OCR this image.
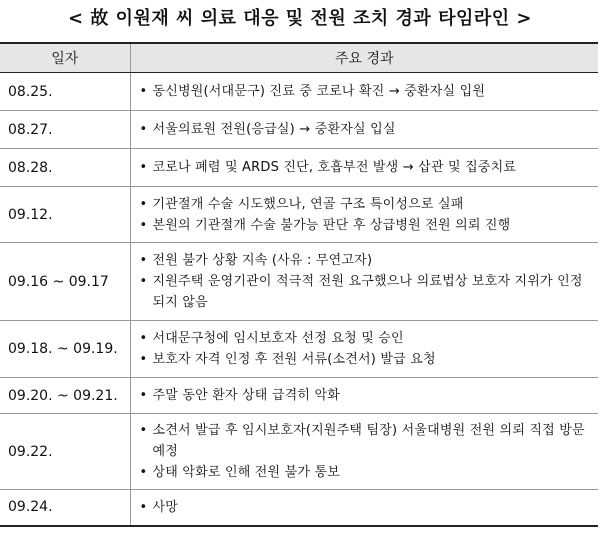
< 故 이원재 씨 의료 대응 및 전원 조치 경과 타임라인 >
일자	주요 경과
08.25.	• 동신병원(서대문구) 진료 중 코로나 확진 → 중환자실 입원

08.27.	• 서울의료원 전원(응급실) → 중환자실 입실

08.28.	• 코로나 폐렴 및 ARDS 진단, 호흡부전 발생 → 삽관 및 집중치료

09.12.	• 기관절개 수술 시도했으나, 연골 구조 특이성으로 실패
• 본원의 기관절개 수술 불가능 판단 후 상급병원 전원 의뢰 진행

09.16 ~ 09.17	• 전원 불가 상황 지속 (사유 : 무연고자)
• 지원주택 운영기관이 적극적 전원 요구했으나 의료법상 보호자 지위가 인정되지 않음

09.18. ~ 09.19.	• 서대문구청에 임시보호자 선정 요청 및 승인
• 보호자 자격 인정 후 전원 서류(소견서) 발급 요청

09.20. ~ 09.21.	• 주말 동안 환자 상태 급격히 악화

09.22.	• 소견서 발급 후 임시보호자(지원주택 팀장) 서울대병원 전원 의뢰 직접 방문 예정
• 상태 악화로 인해 전원 불가 통보

09.24.	• 사망
